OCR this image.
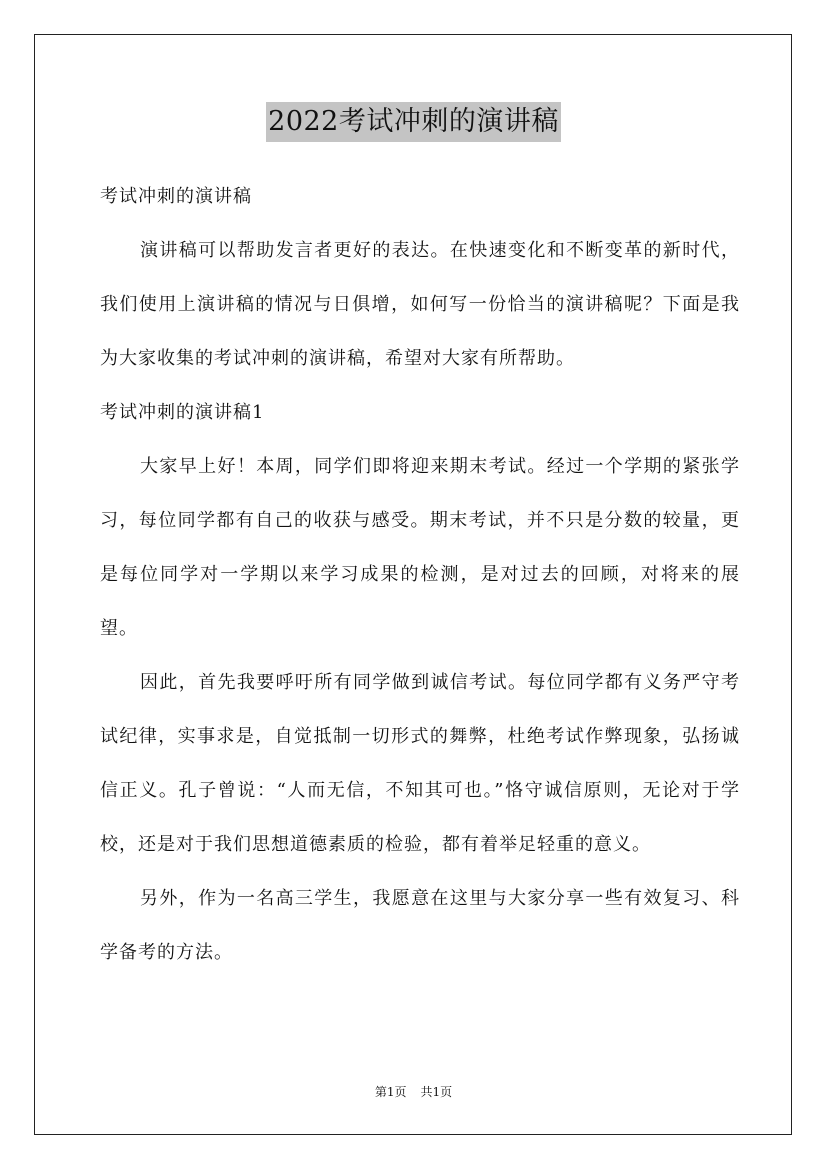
2022考试冲刺的演讲稿

考试冲刺的演讲稿

演讲稿可以帮助发言者更好的表达。在快速变化和不断变革的新时代，我们使用上演讲稿的情况与日俱增，如何写一份恰当的演讲稿呢？下面是我为大家收集的考试冲刺的演讲稿，希望对大家有所帮助。

考试冲刺的演讲稿1

大家早上好！本周，同学们即将迎来期末考试。经过一个学期的紧张学习，每位同学都有自己的收获与感受。期末考试，并不只是分数的较量，更是每位同学对一学期以来学习成果的检测，是对过去的回顾，对将来的展望。

因此，首先我要呼吁所有同学做到诚信考试。每位同学都有义务严守考试纪律，实事求是，自觉抵制一切形式的舞弊，杜绝考试作弊现象，弘扬诚信正义。孔子曾说：“人而无信，不知其可也。”恪守诚信原则，无论对于学校，还是对于我们思想道德素质的检验，都有着举足轻重的意义。

另外，作为一名高三学生，我愿意在这里与大家分享一些有效复习、科学备考的方法。

第1页 共1页
